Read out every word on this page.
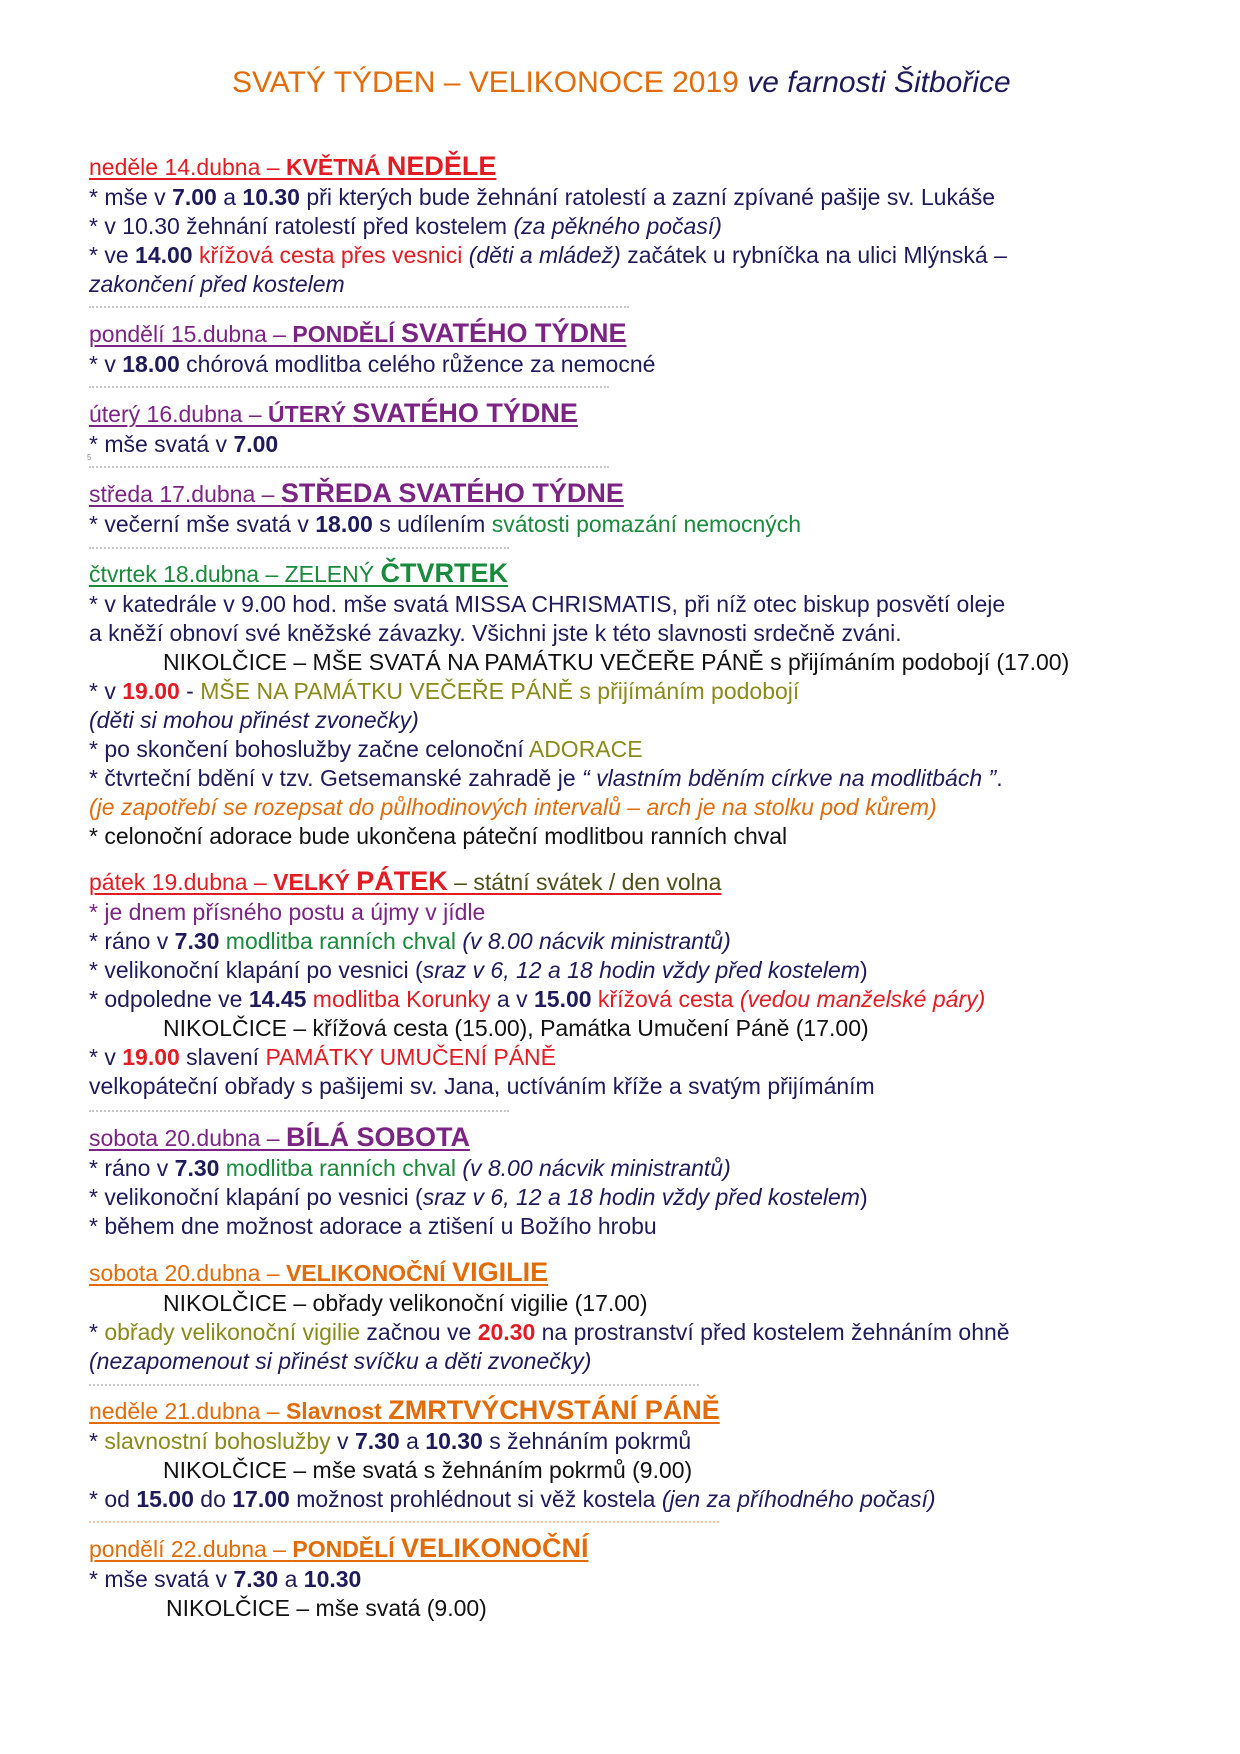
SVATÝ TÝDEN – VELIKONOCE 2019 ve farnosti Šitbořice
neděle 14.dubna – KVĚTNÁ NEDĚLE
* mše v 7.00 a 10.30 při kterých bude žehnání ratolestí a zazní zpívané pašije sv. Lukáše
* v 10.30 žehnání ratolestí před kostelem (za pěkného počasí)
* ve 14.00 křížová cesta přes vesnici (děti a mládež) začátek u rybníčka na ulici Mlýnská –
zakončení před kostelem
pondělí 15.dubna – PONDĚLÍ SVATÉHO TÝDNE
* v 18.00 chórová modlitba celého růžence za nemocné
úterý 16.dubna – ÚTERÝ SVATÉHO TÝDNE
* mše svatá v 7.00
5
středa 17.dubna – STŘEDA SVATÉHO TÝDNE
* večerní mše svatá v 18.00 s udílením svátosti pomazání nemocných
čtvrtek 18.dubna – ZELENÝ ČTVRTEK
* v katedrále v 9.00 hod. mše svatá MISSA CHRISMATIS, při níž otec biskup posvětí oleje
a kněží obnoví své kněžské závazky. Všichni jste k této slavnosti srdečně zváni.
NIKOLČICE – MŠE SVATÁ NA PAMÁTKU VEČEŘE PÁNĚ s přijímáním podobojí (17.00)
* v 19.00 - MŠE NA PAMÁTKU VEČEŘE PÁNĚ s přijímáním podobojí
(děti si mohou přinést zvonečky)
* po skončení bohoslužby začne celonoční ADORACE
* čtvrteční bdění v tzv. Getsemanské zahradě je “ vlastním bděním církve na modlitbách ”.
(je zapotřebí se rozepsat do půlhodinových intervalů – arch je na stolku pod kůrem)
* celonoční adorace bude ukončena páteční modlitbou ranních chval
pátek 19.dubna – VELKÝ PÁTEK – státní svátek / den volna
* je dnem přísného postu a újmy v jídle
* ráno v 7.30 modlitba ranních chval (v 8.00 nácvik ministrantů)
* velikonoční klapání po vesnici (sraz v 6, 12 a 18 hodin vždy před kostelem)
* odpoledne ve 14.45 modlitba Korunky a v 15.00 křížová cesta (vedou manželské páry)
NIKOLČICE – křížová cesta (15.00), Památka Umučení Páně (17.00)
* v 19.00 slavení PAMÁTKY UMUČENÍ PÁNĚ
velkopáteční obřady s pašijemi sv. Jana, uctíváním kříže a svatým přijímáním
sobota 20.dubna – BÍLÁ SOBOTA
* ráno v 7.30 modlitba ranních chval (v 8.00 nácvik ministrantů)
* velikonoční klapání po vesnici (sraz v 6, 12 a 18 hodin vždy před kostelem)
* během dne možnost adorace a ztišení u Božího hrobu
sobota 20.dubna – VELIKONOČNÍ VIGILIE
NIKOLČICE – obřady velikonoční vigilie (17.00)
* obřady velikonoční vigilie začnou ve 20.30 na prostranství před kostelem žehnáním ohně
(nezapomenout si přinést svíčku a děti zvonečky)
neděle 21.dubna – Slavnost ZMRTVÝCHVSTÁNÍ PÁNĚ
* slavnostní bohoslužby v 7.30 a 10.30 s žehnáním pokrmů
NIKOLČICE – mše svatá s žehnáním pokrmů (9.00)
* od 15.00 do 17.00 možnost prohlédnout si věž kostela (jen za příhodného počasí)
pondělí 22.dubna – PONDĚLÍ VELIKONOČNÍ
* mše svatá v 7.30 a 10.30
NIKOLČICE – mše svatá (9.00)
